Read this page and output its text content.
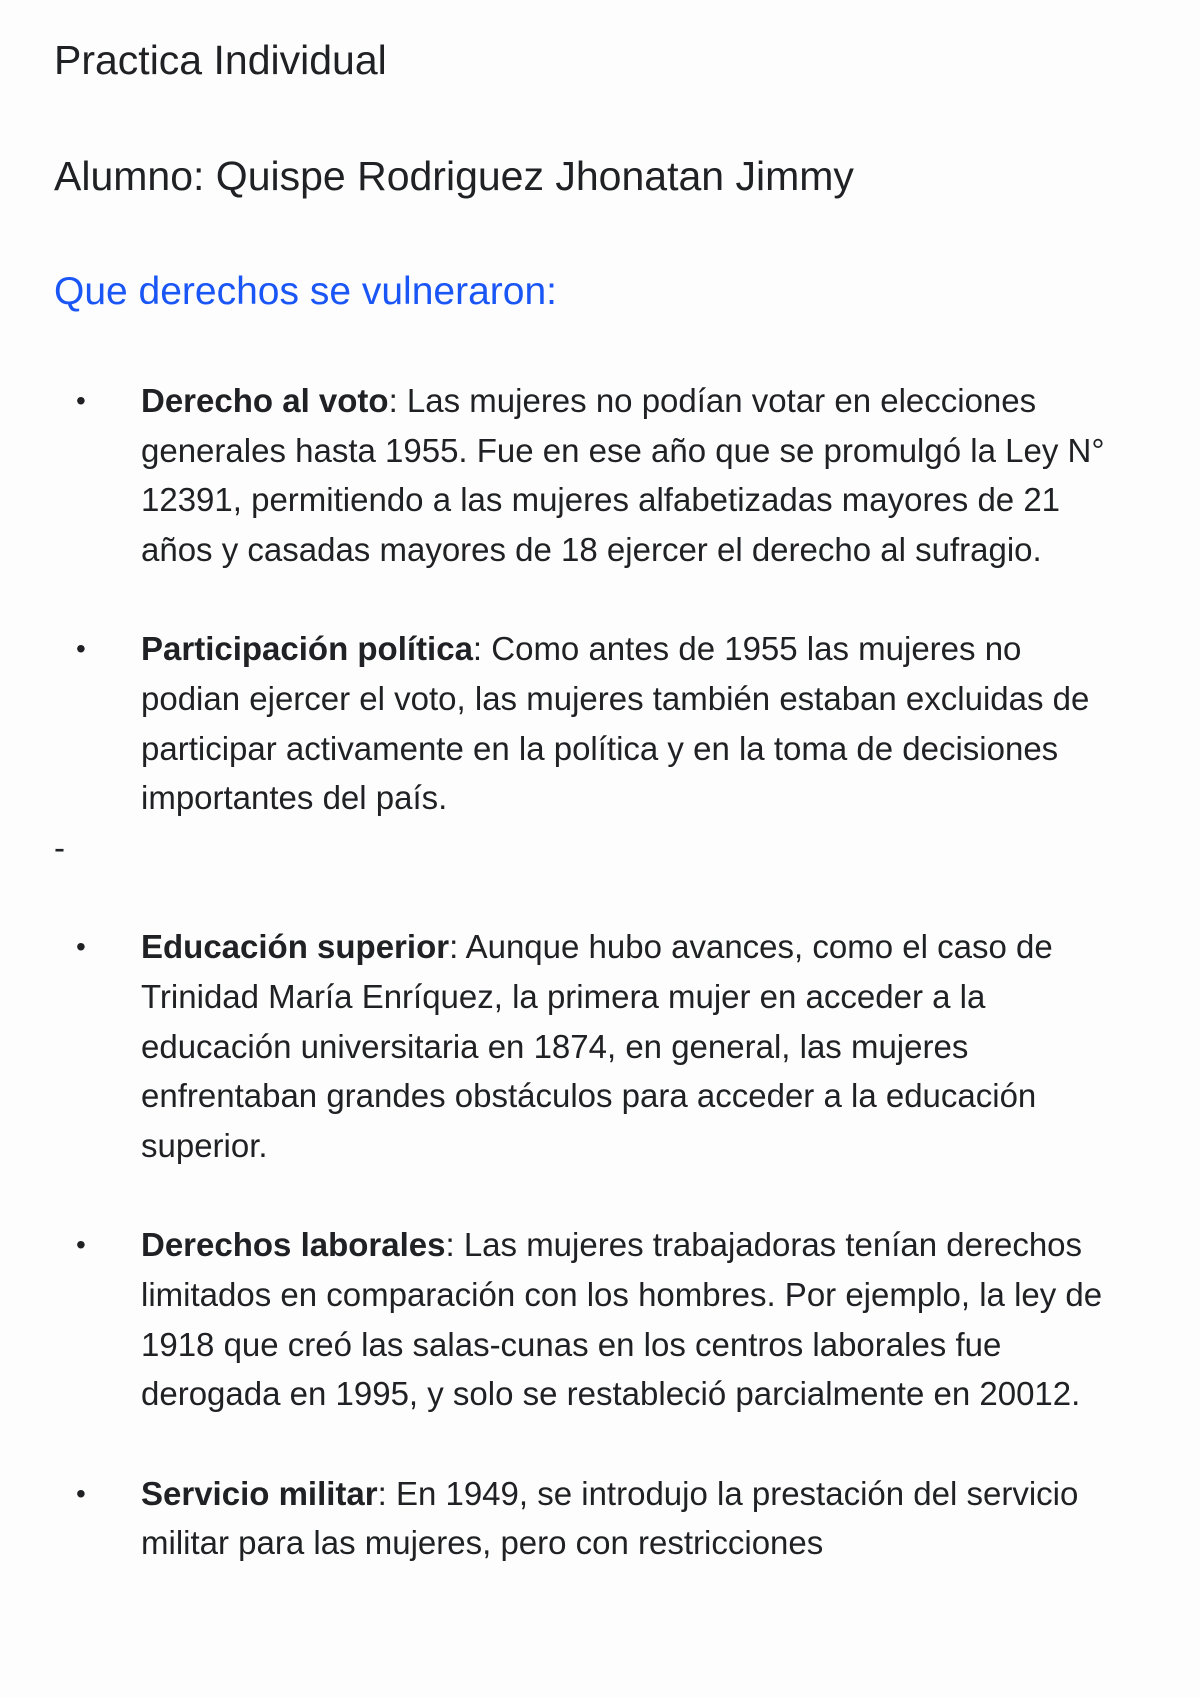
Practica Individual
Alumno: Quispe Rodriguez Jhonatan Jimmy
Que derechos se vulneraron:
• Derecho al voto: Las mujeres no podían votar en elecciones generales hasta 1955. Fue en ese año que se promulgó la Ley N° 12391, permitiendo a las mujeres alfabetizadas mayores de 21 años y casadas mayores de 18 ejercer el derecho al sufragio.
• Participación política: Como antes de 1955 las mujeres no podian ejercer el voto, las mujeres también estaban excluidas de participar activamente en la política y en la toma de decisiones importantes del país.
-
• Educación superior: Aunque hubo avances, como el caso de Trinidad María Enríquez, la primera mujer en acceder a la educación universitaria en 1874, en general, las mujeres enfrentaban grandes obstáculos para acceder a la educación superior.
• Derechos laborales: Las mujeres trabajadoras tenían derechos limitados en comparación con los hombres. Por ejemplo, la ley de 1918 que creó las salas-cunas en los centros laborales fue derogada en 1995, y solo se restableció parcialmente en 20012.
• Servicio militar: En 1949, se introdujo la prestación del servicio militar para las mujeres, pero con restricciones
